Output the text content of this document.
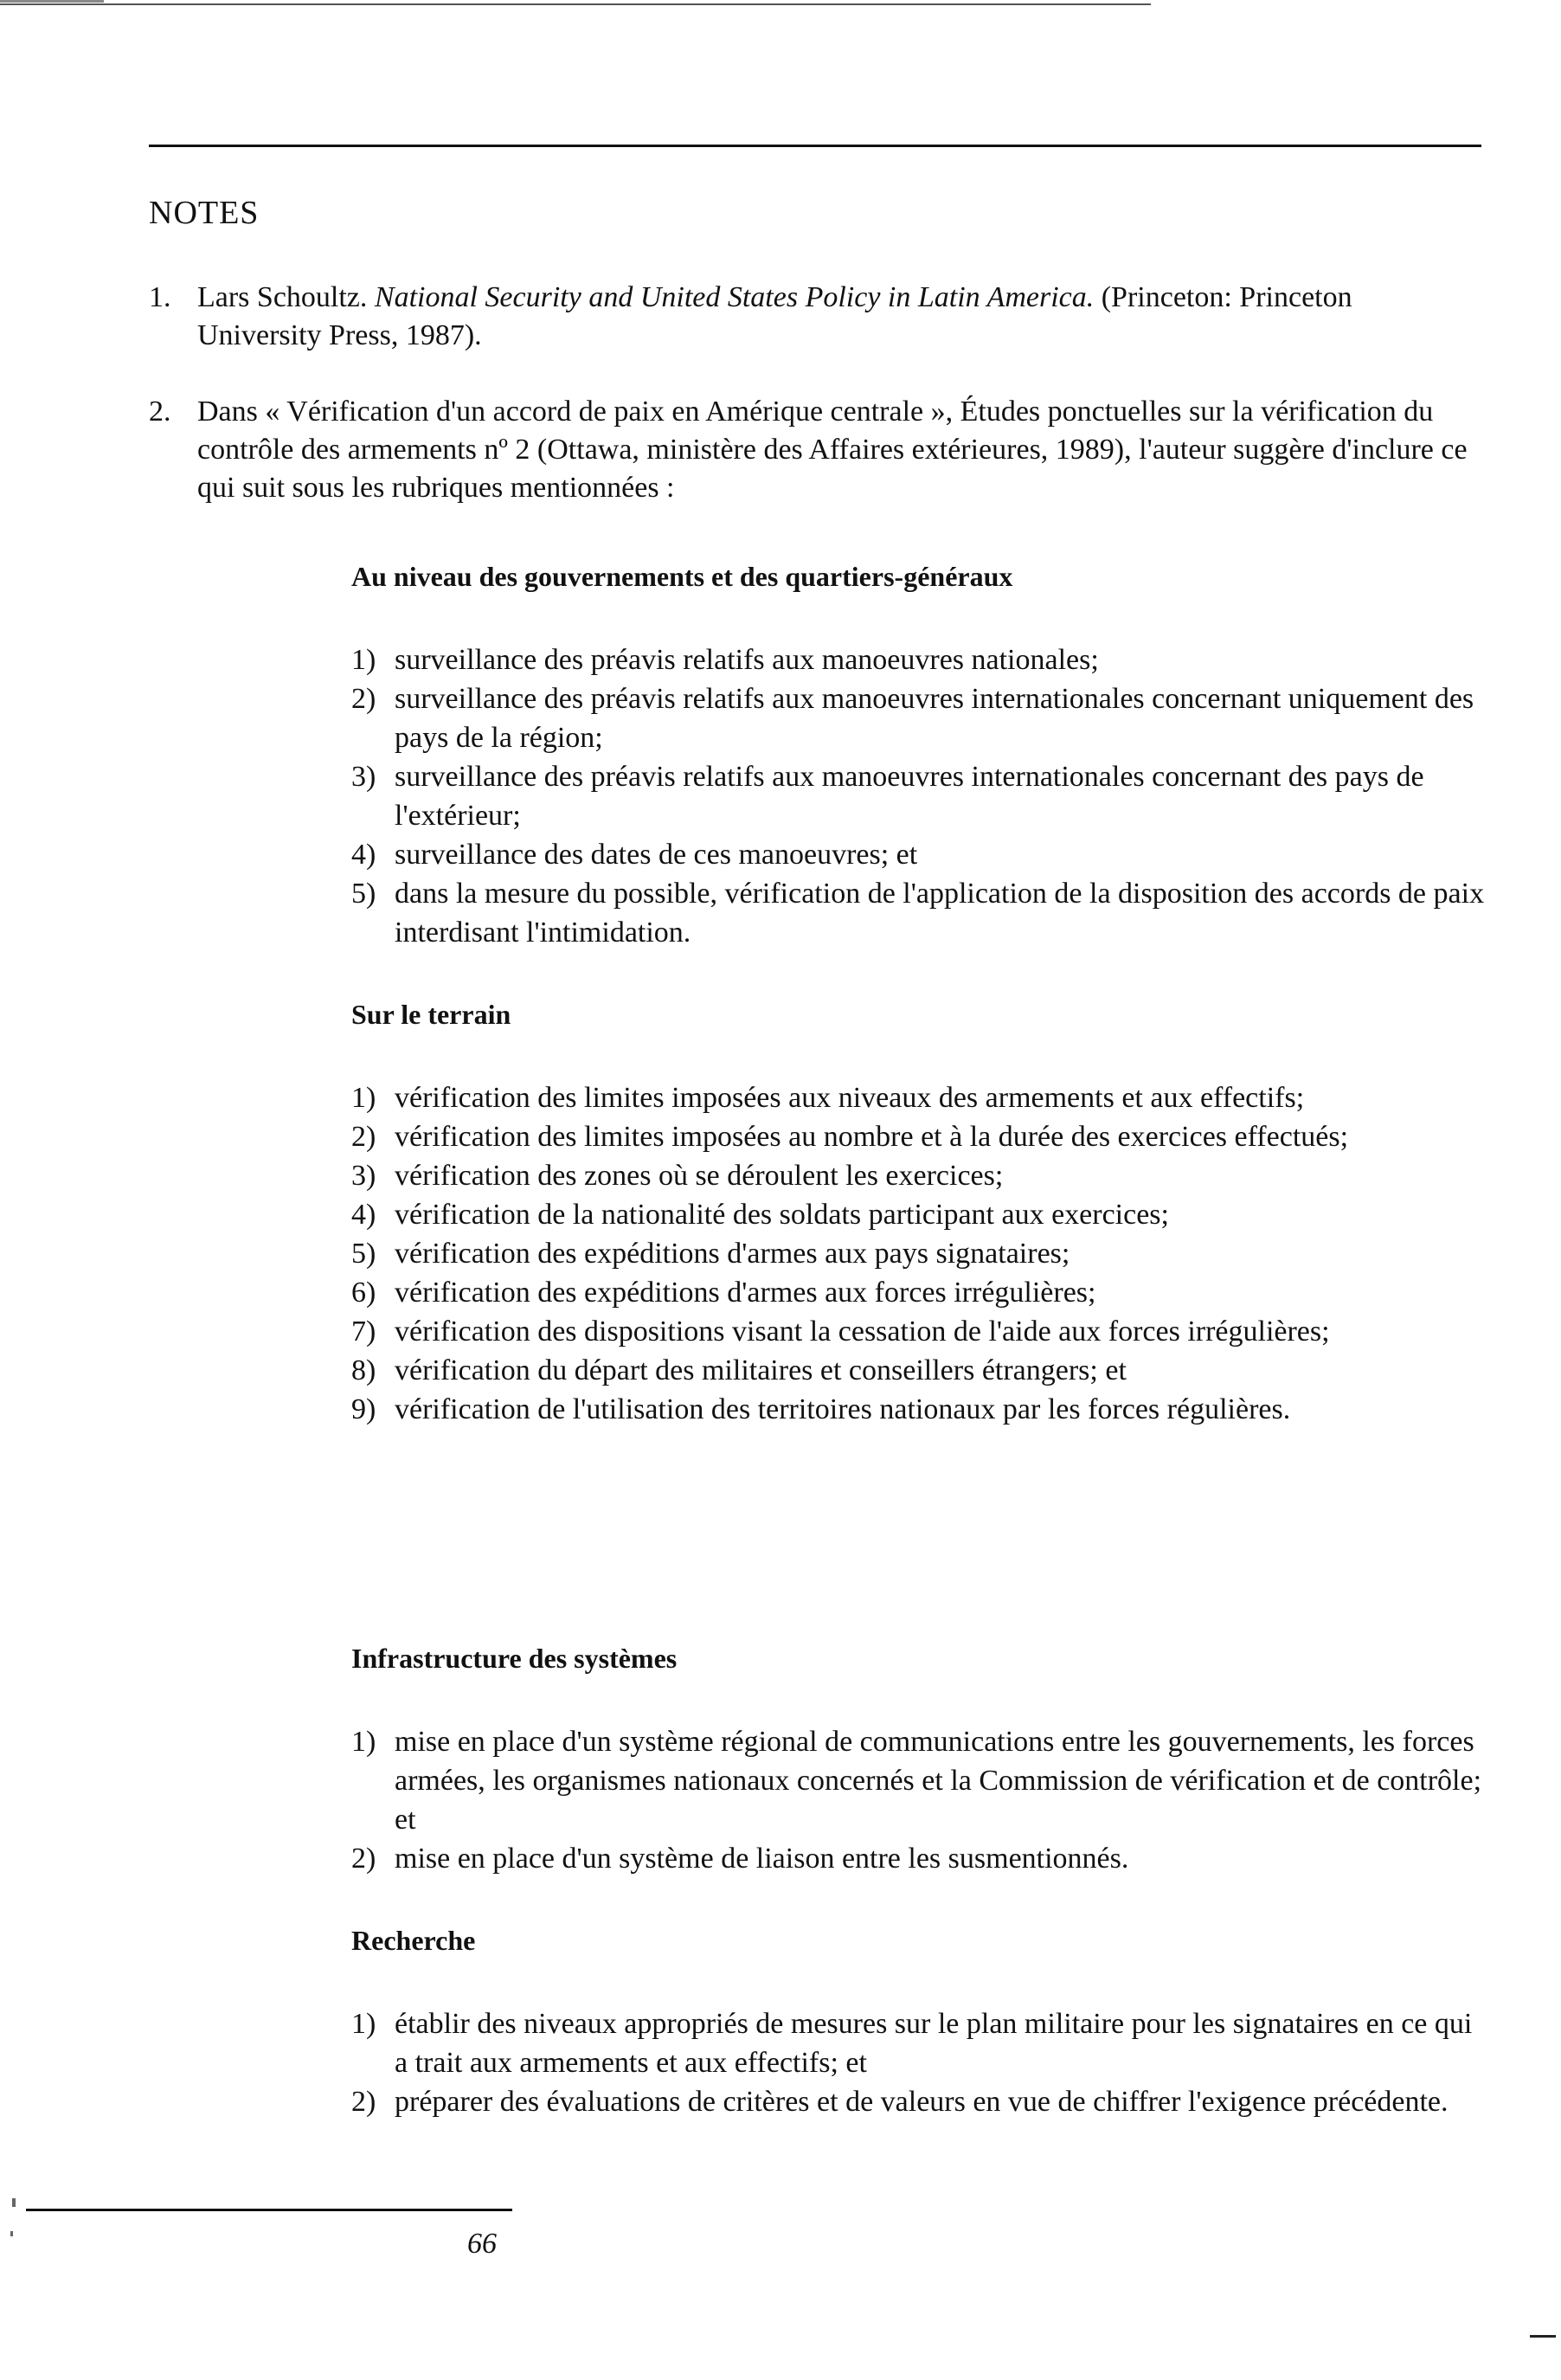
NOTES
1. Lars Schoultz. National Security and United States Policy in Latin America. (Princeton: Princeton University Press, 1987).
2. Dans « Vérification d'un accord de paix en Amérique centrale », Études ponctuelles sur la vérification du contrôle des armements nº 2 (Ottawa, ministère des Affaires extérieures, 1989), l'auteur suggère d'inclure ce qui suit sous les rubriques mentionnées :
Au niveau des gouvernements et des quartiers-généraux
1) surveillance des préavis relatifs aux manoeuvres nationales;
2) surveillance des préavis relatifs aux manoeuvres internationales concernant uniquement des pays de la région;
3) surveillance des préavis relatifs aux manoeuvres internationales concernant des pays de l'extérieur;
4) surveillance des dates de ces manoeuvres; et
5) dans la mesure du possible, vérification de l'application de la disposition des accords de paix interdisant l'intimidation.
Sur le terrain
1) vérification des limites imposées aux niveaux des armements et aux effectifs;
2) vérification des limites imposées au nombre et à la durée des exercices effectués;
3) vérification des zones où se déroulent les exercices;
4) vérification de la nationalité des soldats participant aux exercices;
5) vérification des expéditions d'armes aux pays signataires;
6) vérification des expéditions d'armes aux forces irrégulières;
7) vérification des dispositions visant la cessation de l'aide aux forces irrégulières;
8) vérification du départ des militaires et conseillers étrangers; et
9) vérification de l'utilisation des territoires nationaux par les forces régulières.
Infrastructure des systèmes
1) mise en place d'un système régional de communications entre les gouvernements, les forces armées, les organismes nationaux concernés et la Commission de vérification et de contrôle; et
2) mise en place d'un système de liaison entre les susmentionnés.
Recherche
1) établir des niveaux appropriés de mesures sur le plan militaire pour les signataires en ce qui a trait aux armements et aux effectifs; et
2) préparer des évaluations de critères et de valeurs en vue de chiffrer l'exigence précédente.
66
